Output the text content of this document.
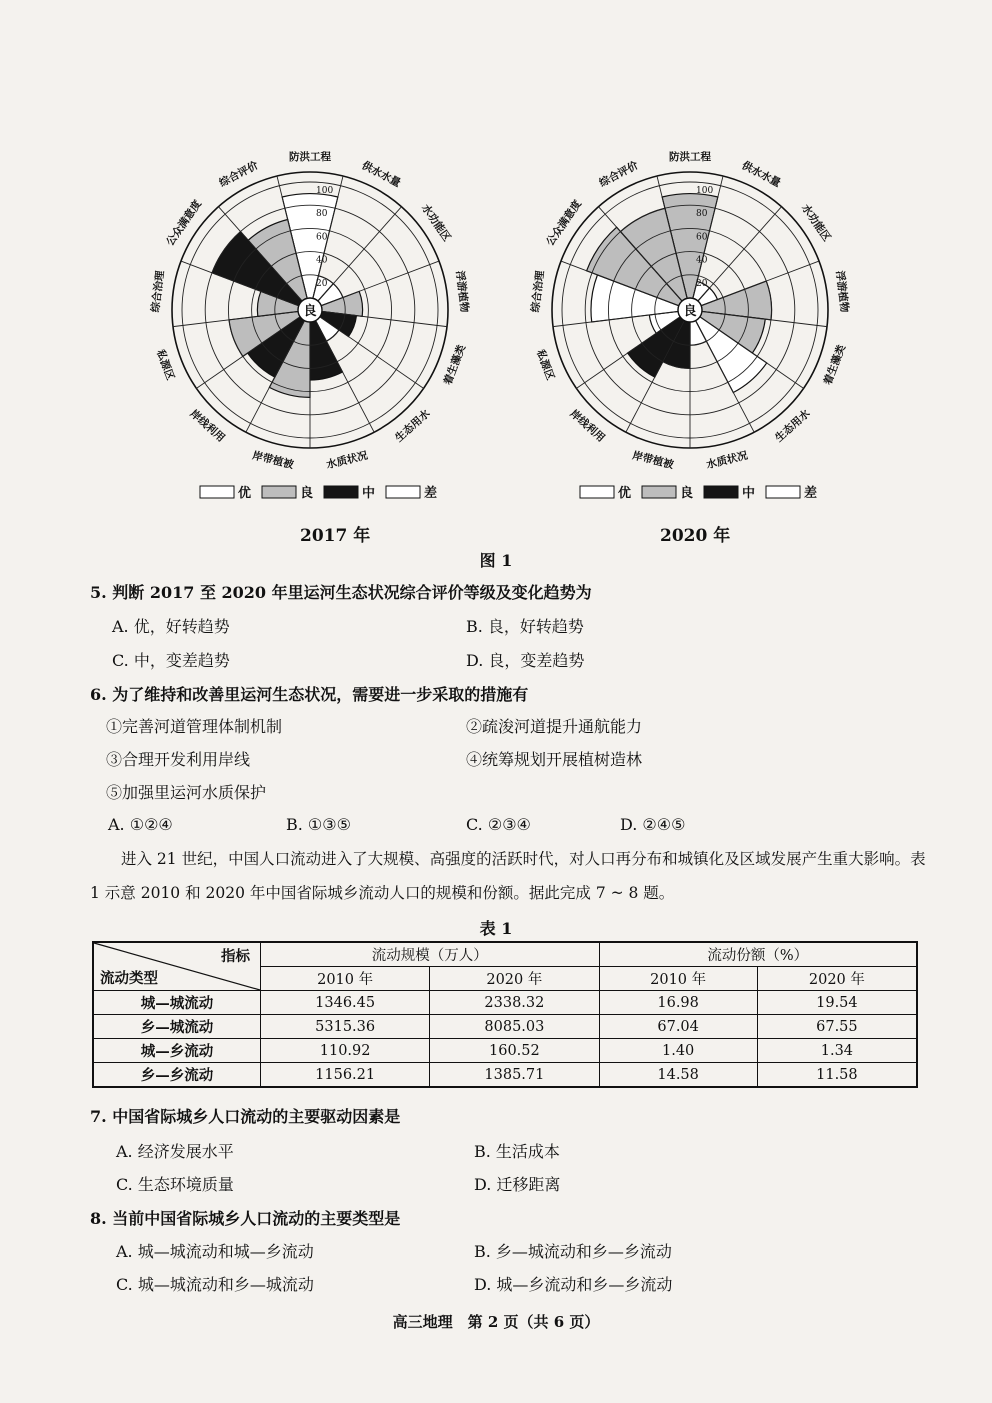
20
40
60
80
100
良
防洪工程
供水水量
水功能区
浮游植物
着生藻类
生态用水
水质状况
岸带植被
岸线利用
私源区
综合治理
公众满意度
综合评价
优	良	中	差
20
40
60
80
100
良
防洪工程
供水水量
水功能区
浮游植物
着生藻类
生态用水
水质状况
岸带植被
岸线利用
私源区
综合治理
公众满意度
综合评价
优	良	中	差
2017 年	2020 年
图 1
5. 判断 2017 至 2020 年里运河生态状况综合评价等级及变化趋势为
A. 优，好转趋势	B. 良，好转趋势
C. 中，变差趋势	D. 良，变差趋势
6. 为了维持和改善里运河生态状况，需要进一步采取的措施有
①完善河道管理体制机制	②疏浚河道提升通航能力
③合理开发利用岸线	④统筹规划开展植树造林
⑤加强里运河水质保护
A. ①②④	B. ①③⑤	C. ②③④	D. ②④⑤
进入 21 世纪，中国人口流动进入了大规模、高强度的活跃时代，对人口再分布和城镇化及区域发展产生重大影响。表 1 示意 2010 和 2020 年中国省际城乡流动人口的规模和份额。据此完成 7 ~ 8 题。
表 1
指标
流动类型	流动规模（万人）		流动份额（%）	
	2010 年	2020 年	2010 年	2020 年
城—城流动	1346.45	2338.32	16.98	19.54
乡—城流动	5315.36	8085.03	67.04	67.55
城—乡流动	110.92	160.52	1.40	1.34
乡—乡流动	1156.21	1385.71	14.58	11.58
7. 中国省际城乡人口流动的主要驱动因素是
A. 经济发展水平	B. 生活成本
C. 生态环境质量	D. 迁移距离
8. 当前中国省际城乡人口流动的主要类型是
A. 城—城流动和城—乡流动	B. 乡—城流动和乡—乡流动
C. 城—城流动和乡—城流动	D. 城—乡流动和乡—乡流动
高三地理　第 2 页（共 6 页）
